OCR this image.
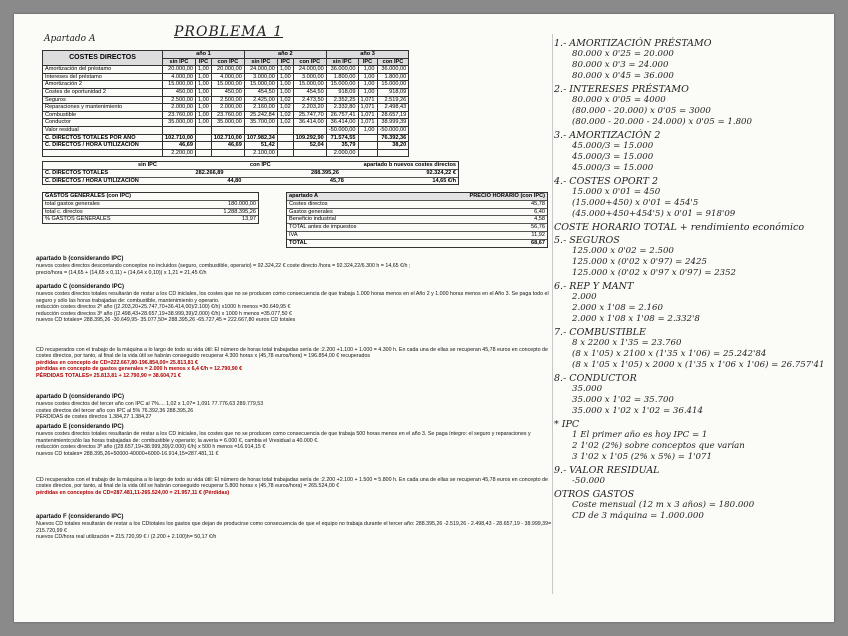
Apartado A	PROBLEMA 1
COSTES DIRECTOS	año 1			año 2			año 3		
	sin IPC	IPC	con IPC	sin IPC	IPC	con IPC	sin IPC	IPC	con IPC
Amortización del préstamo	20.000,00	1,00	20.000,00	24.000,00	1,00	24.000,00	36.000,00	1,00	36.000,00
Intereses del préstamo	4.000,00	1,00	4.000,00	3.000,00	1,00	3.000,00	1.800,00	1,00	1.800,00
Amortización 2	15.000,00	1,00	15.000,00	15.000,00	1,00	15.000,00	15.000,00	1,00	15.000,00
Costes de oportunidad 2	450,00	1,00	450,00	454,50	1,00	454,50	918,09	1,00	918,09
Seguros	2.500,00	1,00	2.500,00	2.425,00	1,02	2.473,50	2.352,25	1,071	2.519,26
Reparaciones y mantenimiento	2.000,00	1,00	2.000,00	2.160,00	1,02	2.203,20	2.332,80	1,071	2.498,43
Combustible	23.760,00	1,00	23.760,00	25.242,84	1,02	25.747,70	26.757,41	1,071	28.657,19
Conductor	35.000,00	1,00	35.000,00	35.700,00	1,02	36.414,00	36.414,00	1,071	38.999,39
Valor residual							-50.000,00	1,00	-50.000,00
C. DIRECTOS TOTALES POR AÑO	102.710,00		102.710,00	107.982,34		109.292,90	71.574,55		76.392,36
C. DIRECTOS / HORA UTILIZACIÓN	46,69		46,69	51,42		52,04	35,79		38,20
	2.200,00			2.100,00			2.000,00		
sin IPC	con IPC	apartado b nuevos costes directos
C. DIRECTOS TOTALES	282.266,89	288.395,26	92.324,22 €
C. DIRECTOS / HORA UTILIZACIÓN	44,80	45,78	14,65 €/h
GASTOS GENERALES (con IPC)
total gastos generales	180.000,00
total c. directos	1.288.395,26
% GASTOS GENERALES	13,97
apartado A	PRECIO HORARIO (con IPC)
Costes directos	45,78
Gastos generales	6,40
Beneficio industrial	4,58
TOTAL antes de impuestos	56,76
IVA	11,92
TOTAL	68,67
apartado b (considerando IPC)

nuevos costes directos descontando conceptos no incluidos (seguro, combustible, operario) = 92.324,22 € coste directo /hora = 92.324,22/6.300 h = 14,65 €/h ;

precio/hora = (14,65 + (14,65 x 0,11) + (14,64 x 0,10)) x 1,21 = 21,45 €/h

apartado C (considerando IPC)

nuevos costes directos totales resultarán de restar a los CD iniciales, los costes que no se producen como consecuencia de que trabaja 1.000 horas menos en el Año 2 y 1.000 horas menos en el Año 3. Se paga todo el seguro y sólo las horas trabajadas de: combustible, mantenimiento y operario.

reducción costes directos 2º año ((2.203,20+25.747,70+36.414,00)/2.100) €/h) x1000 h menos =30.649,95 €

reducción costes directos 3º año ((2.498,43+28.657,19+38.999,39)/2.000) €/h) x 1000 h menos =35.077,50 €

nuevos CD totales= 288.395,26 -30.649,95- 35.077,50= 288.395,26 -65.727,45 = 222.667,80 euros CD totales

CD recuperados con el trabajo de la máquina a lo largo de todo su vida útil: El número de horas total trabajadas sería de :2.200 +1.100 + 1.000 = 4.300 h. En cada una de ellas se recuperan 45,78 euros en concepto de costes directos, por tanto, al final de la vida útil se habrán conseguido recuperar 4.300 horas x (45,78 euros/hora) = 196.854,00 € recuperados

pérdidas en concepto de CD=222.667,80-196.854,00= 25.813,81 €

pérdidas en concepto de gastos generales = 2.000 h menos x 6,4 €/h = 12.790,90 €

PÉRDIDAS TOTALES= 25.813,81 + 12.790,90 = 38.604,71 €

apartado D (considerando IPC)

nuevos costes directos del tercer año con IPC al 7%.... 1,02 x 1,07= 1,091 77.776,63 289.779,53

costes directos del tercer año con IPC al 5% 76.392,36 288.395,26

PÉRDIDAS de costes directos 1.384,27 1.384,27

apartado E (considerando IPC)

nuevos costes directos totales resultarán de restar a los CD iniciales, los costes que no se producen como consecuencia de que trabaja 500 horas menos en el año 3. Se paga íntegro: el seguro y reparaciones y mantenimiento;sólo las horas trabajadas de: combustible y operario; la avería = 6.000 €, cambia el Vresidual a 40.000 €.

reducción costes directos 3º año ((28.657,19+38.999,39)/2.000) €/h) x 500 h menos =16.914,15 €

nuevos CD totales= 288.395,26+50000-40000+6000-16.914,15=287.481,11 €

CD recuperados con el trabajo de la máquina a lo largo de todo su vida útil: El número de horas total trabajadas sería de :2.200 +2.100 + 1.500 = 5.800 h. En cada una de ellas se recuperan 45,78 euros en concepto de costes directos, por tanto, al final de la vida útil se habrán conseguido recuperar 5.800 horas x (45,78 euros/hora) = 265.524,00 €

pérdidas en conceptos de CD=287.481,11-265.524,00 = 21.957,11 € (Pérdidas)

apartado F (considerando IPC)

Nuevos CD totales resultarán de restar a los CDtotales los gastos que dejan de producirse como consecuencia de que el equipo no trabaja durante el tercer año: 288.395,26 -2.519,26 - 2.498,43 - 28.657,19 - 38.999,39= 215.720,99 €

nuevos CD/hora real utilización = 215.720,99 € / (2.200 + 2.100)h= 50,17 €/h

1.- AMORTIZACIÓN PRÉSTAMO
80.000 x 0'25 = 20.000
80.000 x 0'3 = 24.000
80.000 x 0'45 = 36.000
2.- INTERESES PRÉSTAMO
80.000 x 0'05 = 4000
(80.000 - 20.000) x 0'05 = 3000
(80.000 - 20.000 - 24.000) x 0'05 = 1.800
3.- AMORTIZACIÓN 2
45.000/3 = 15.000
45.000/3 = 15.000
45.000/3 = 15.000
4.- COSTES OPORT 2
15.000 x 0'01 = 450
(15.000+450) x 0'01 = 454'5
(45.000+450+454'5) x 0'01 = 918'09
COSTE HORARIO TOTAL + rendimiento económico
5.- SEGUROS
125.000 x 0'02 = 2.500
125.000 x (0'02 x 0'97) = 2425
125.000 x (0'02 x 0'97 x 0'97) = 2352
6.- REP Y MANT
2.000
2.000 x 1'08 = 2.160
2.000 x 1'08 x 1'08 = 2.332'8
7.- COMBUSTIBLE
8 x 2200 x 1'35 = 23.760
(8 x 1'05) x 2100 x (1'35 x 1'06) = 25.242'84
(8 x 1'05 x 1'05) x 2000 x (1'35 x 1'06 x 1'06) = 26.757'41
8.- CONDUCTOR
35.000
35.000 x 1'02 = 35.700
35.000 x 1'02 x 1'02 = 36.414
* IPC
1 El primer año es hoy IPC = 1
2 1'02 (2%) sobre conceptos que varían
3 1'02 x 1'05 (2% x 5%) = 1'071
9.- VALOR RESIDUAL
-50.000
OTROS GASTOS
Coste mensual (12 m x 3 años) = 180.000
CD de 3 máquina = 1.000.000
